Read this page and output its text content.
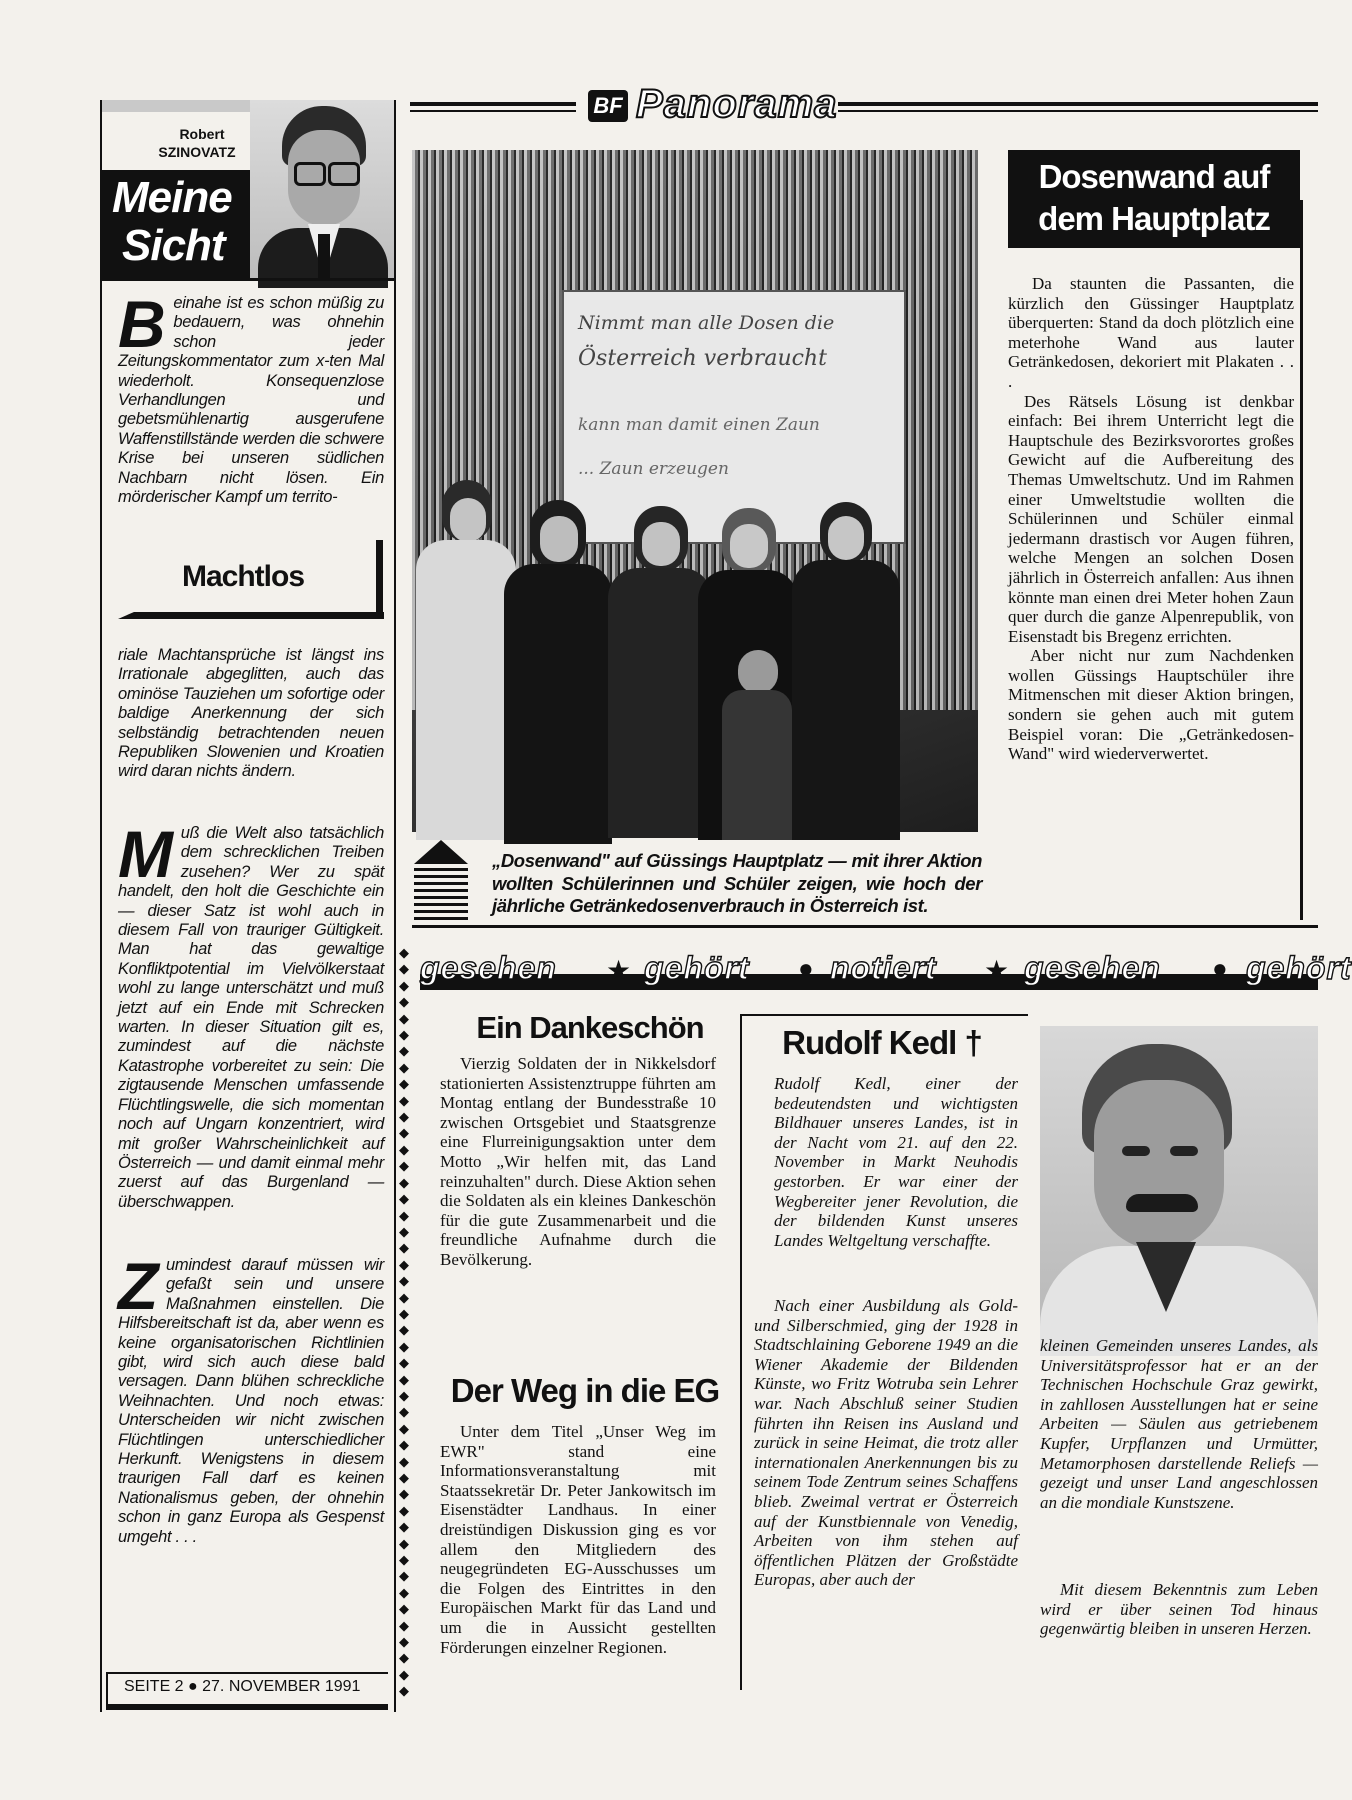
BF Panorama
Robert
SZINOVATZ
Meine
Sicht
Beinahe ist es schon müßig zu bedauern, was ohnehin schon jeder Zeitungskommentator zum x-ten Mal wiederholt. Konsequenzlose Verhandlungen und gebetsmühlenartig ausgerufene Waffenstillstände werden die schwere Krise bei unseren südlichen Nachbarn nicht lösen. Ein mörderischer Kampf um territo-
Machtlos
riale Machtansprüche ist längst ins Irrationale abgeglitten, auch das ominöse Tauziehen um sofortige oder baldige Anerkennung der sich selbständig betrachtenden neuen Republiken Slowenien und Kroatien wird daran nichts ändern.
Muß die Welt also tatsächlich dem schrecklichen Treiben zusehen? Wer zu spät handelt, den holt die Geschichte ein — dieser Satz ist wohl auch in diesem Fall von trauriger Gültigkeit. Man hat das gewaltige Konfliktpotential im Vielvölkerstaat wohl zu lange unterschätzt und muß jetzt auf ein Ende mit Schrecken warten. In dieser Situation gilt es, zumindest auf die nächste Katastrophe vorbereitet zu sein: Die zigtausende Menschen umfassende Flüchtlingswelle, die sich momentan noch auf Ungarn konzentriert, wird mit großer Wahrscheinlichkeit auf Österreich — und damit einmal mehr zuerst auf das Burgenland — überschwappen.
Zumindest darauf müssen wir gefaßt sein und unsere Maßnahmen einstellen. Die Hilfsbereitschaft ist da, aber wenn es keine organisatorischen Richtlinien gibt, wird sich auch diese bald versagen. Dann blühen schreckliche Weihnachten. Und noch etwas: Unterscheiden wir nicht zwischen Flüchtlingen unterschiedlicher Herkunft. Wenigstens in diesem traurigen Fall darf es keinen Nationalismus geben, der ohnehin schon in ganz Europa als Gespenst umgeht . . .
SEITE 2 ● 27. NOVEMBER 1991
Nimmt man alle Dosen die
Österreich verbraucht
kann man damit einen Zaun
... Zaun erzeugen
„Dosenwand" auf Güssings Hauptplatz — mit ihrer Aktion wollten Schülerinnen und Schüler zeigen, wie hoch der jährliche Getränkedosenverbrauch in Österreich ist.
Dosenwand auf
dem Hauptplatz

Da staunten die Passanten, die kürzlich den Güssinger Hauptplatz überquerten: Stand da doch plötzlich eine meterhohe Wand aus lauter Getränkedosen, dekoriert mit Plakaten . . .

Des Rätsels Lösung ist denkbar einfach: Bei ihrem Unterricht legt die Hauptschule des Bezirksvorortes großes Gewicht auf die Aufbereitung des Themas Umweltschutz. Und im Rahmen einer Umweltstudie wollten die Schülerinnen und Schüler einmal jedermann drastisch vor Augen führen, welche Mengen an solchen Dosen jährlich in Österreich anfallen: Aus ihnen könnte man einen drei Meter hohen Zaun quer durch die ganze Alpenrepublik, von Eisenstadt bis Bregenz errichten.

Aber nicht nur zum Nachdenken wollen Güssings Hauptschüler ihre Mitmenschen mit dieser Aktion bringen, sondern sie gehen auch mit gutem Beispiel voran: Die „Getränkedosen-Wand" wird wiederverwertet.

gesehen ★ gehört ● notiert ★ gesehen ● gehört
◆
◆
◆
◆
◆
◆
◆
◆
◆
◆
◆
◆
◆
◆
◆
◆
◆
◆
◆
◆
◆
◆
◆
◆
◆
◆
◆
◆
◆
◆
◆
◆
◆
◆
◆
◆
◆
◆
◆
◆
◆
◆
◆
◆
◆
◆
Ein Dankeschön
Vierzig Soldaten der in Nikkelsdorf stationierten Assistenztruppe führten am Montag entlang der Bundesstraße 10 zwischen Ortsgebiet und Staatsgrenze eine Flurreinigungsaktion unter dem Motto „Wir helfen mit, das Land reinzuhalten" durch. Diese Aktion sehen die Soldaten als ein kleines Dankeschön für die gute Zusammenarbeit und die freundliche Aufnahme durch die Bevölkerung.
Der Weg in die EG
Unter dem Titel „Unser Weg im EWR" stand eine Informationsveranstaltung mit Staatssekretär Dr. Peter Jankowitsch im Eisenstädter Landhaus. In einer dreistündigen Diskussion ging es vor allem den Mitgliedern des neugegründeten EG-Ausschusses um die Folgen des Eintrittes in den Europäischen Markt für das Land und um die in Aussicht gestellten Förderungen einzelner Regionen.
Rudolf Kedl †
Rudolf Kedl, einer der bedeutendsten und wichtigsten Bildhauer unseres Landes, ist in der Nacht vom 21. auf den 22. November in Markt Neuhodis gestorben. Er war einer der Wegbereiter jener Revolution, die der bildenden Kunst unseres Landes Weltgeltung verschaffte.
Nach einer Ausbildung als Gold- und Silberschmied, ging der 1928 in Stadtschlaining Geborene 1949 an die Wiener Akademie der Bildenden Künste, wo Fritz Wotruba sein Lehrer war. Nach Abschluß seiner Studien führten ihn Reisen ins Ausland und zurück in seine Heimat, die trotz aller internationalen Anerkennungen bis zu seinem Tode Zentrum seines Schaffens blieb. Zweimal vertrat er Österreich auf der Kunstbiennale von Venedig, Arbeiten von ihm stehen auf öffentlichen Plätzen der Großstädte Europas, aber auch der
kleinen Gemeinden unseres Landes, als Universitätsprofessor hat er an der Technischen Hochschule Graz gewirkt, in zahllosen Ausstellungen hat er seine Arbeiten — Säulen aus getriebenem Kupfer, Urpflanzen und Urmütter, Metamorphosen darstellende Reliefs — gezeigt und unser Land angeschlossen an die mondiale Kunstszene.
Mit diesem Bekenntnis zum Leben wird er über seinen Tod hinaus gegenwärtig bleiben in unseren Herzen.
